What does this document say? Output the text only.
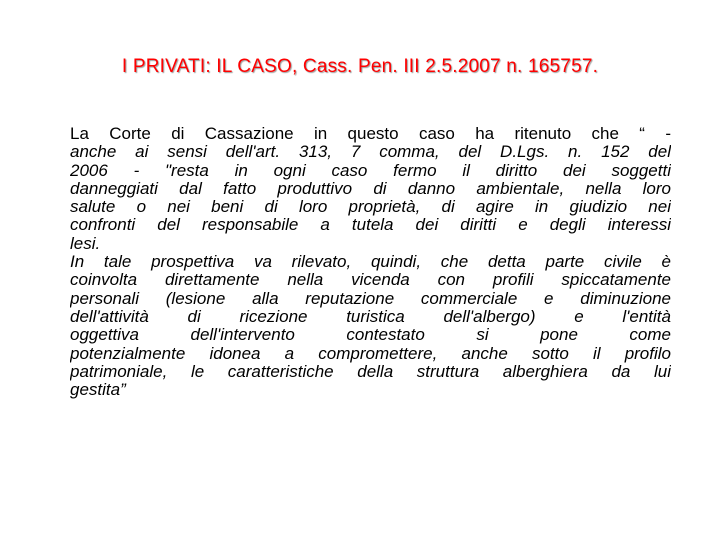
I PRIVATI: IL CASO, Cass. Pen. III 2.5.2007 n. 165757.
La Corte di Cassazione in questo caso ha ritenuto che “ -
anche ai sensi dell'art. 313, 7 comma, del D.Lgs. n. 152 del
2006 - "resta in ogni caso fermo il diritto dei soggetti
danneggiati dal fatto produttivo di danno ambientale, nella loro
salute o nei beni di loro proprietà, di agire in giudizio nei
confronti del responsabile a tutela dei diritti e degli interessi
lesi.
In tale prospettiva va rilevato, quindi, che detta parte civile è
coinvolta direttamente nella vicenda con profili spiccatamente
personali (lesione alla reputazione commerciale e diminuzione
dell'attività di ricezione turistica dell'albergo) e l'entità
oggettiva dell'intervento contestato si pone come
potenzialmente idonea a compromettere, anche sotto il profilo
patrimoniale, le caratteristiche della struttura alberghiera da lui
gestita”
